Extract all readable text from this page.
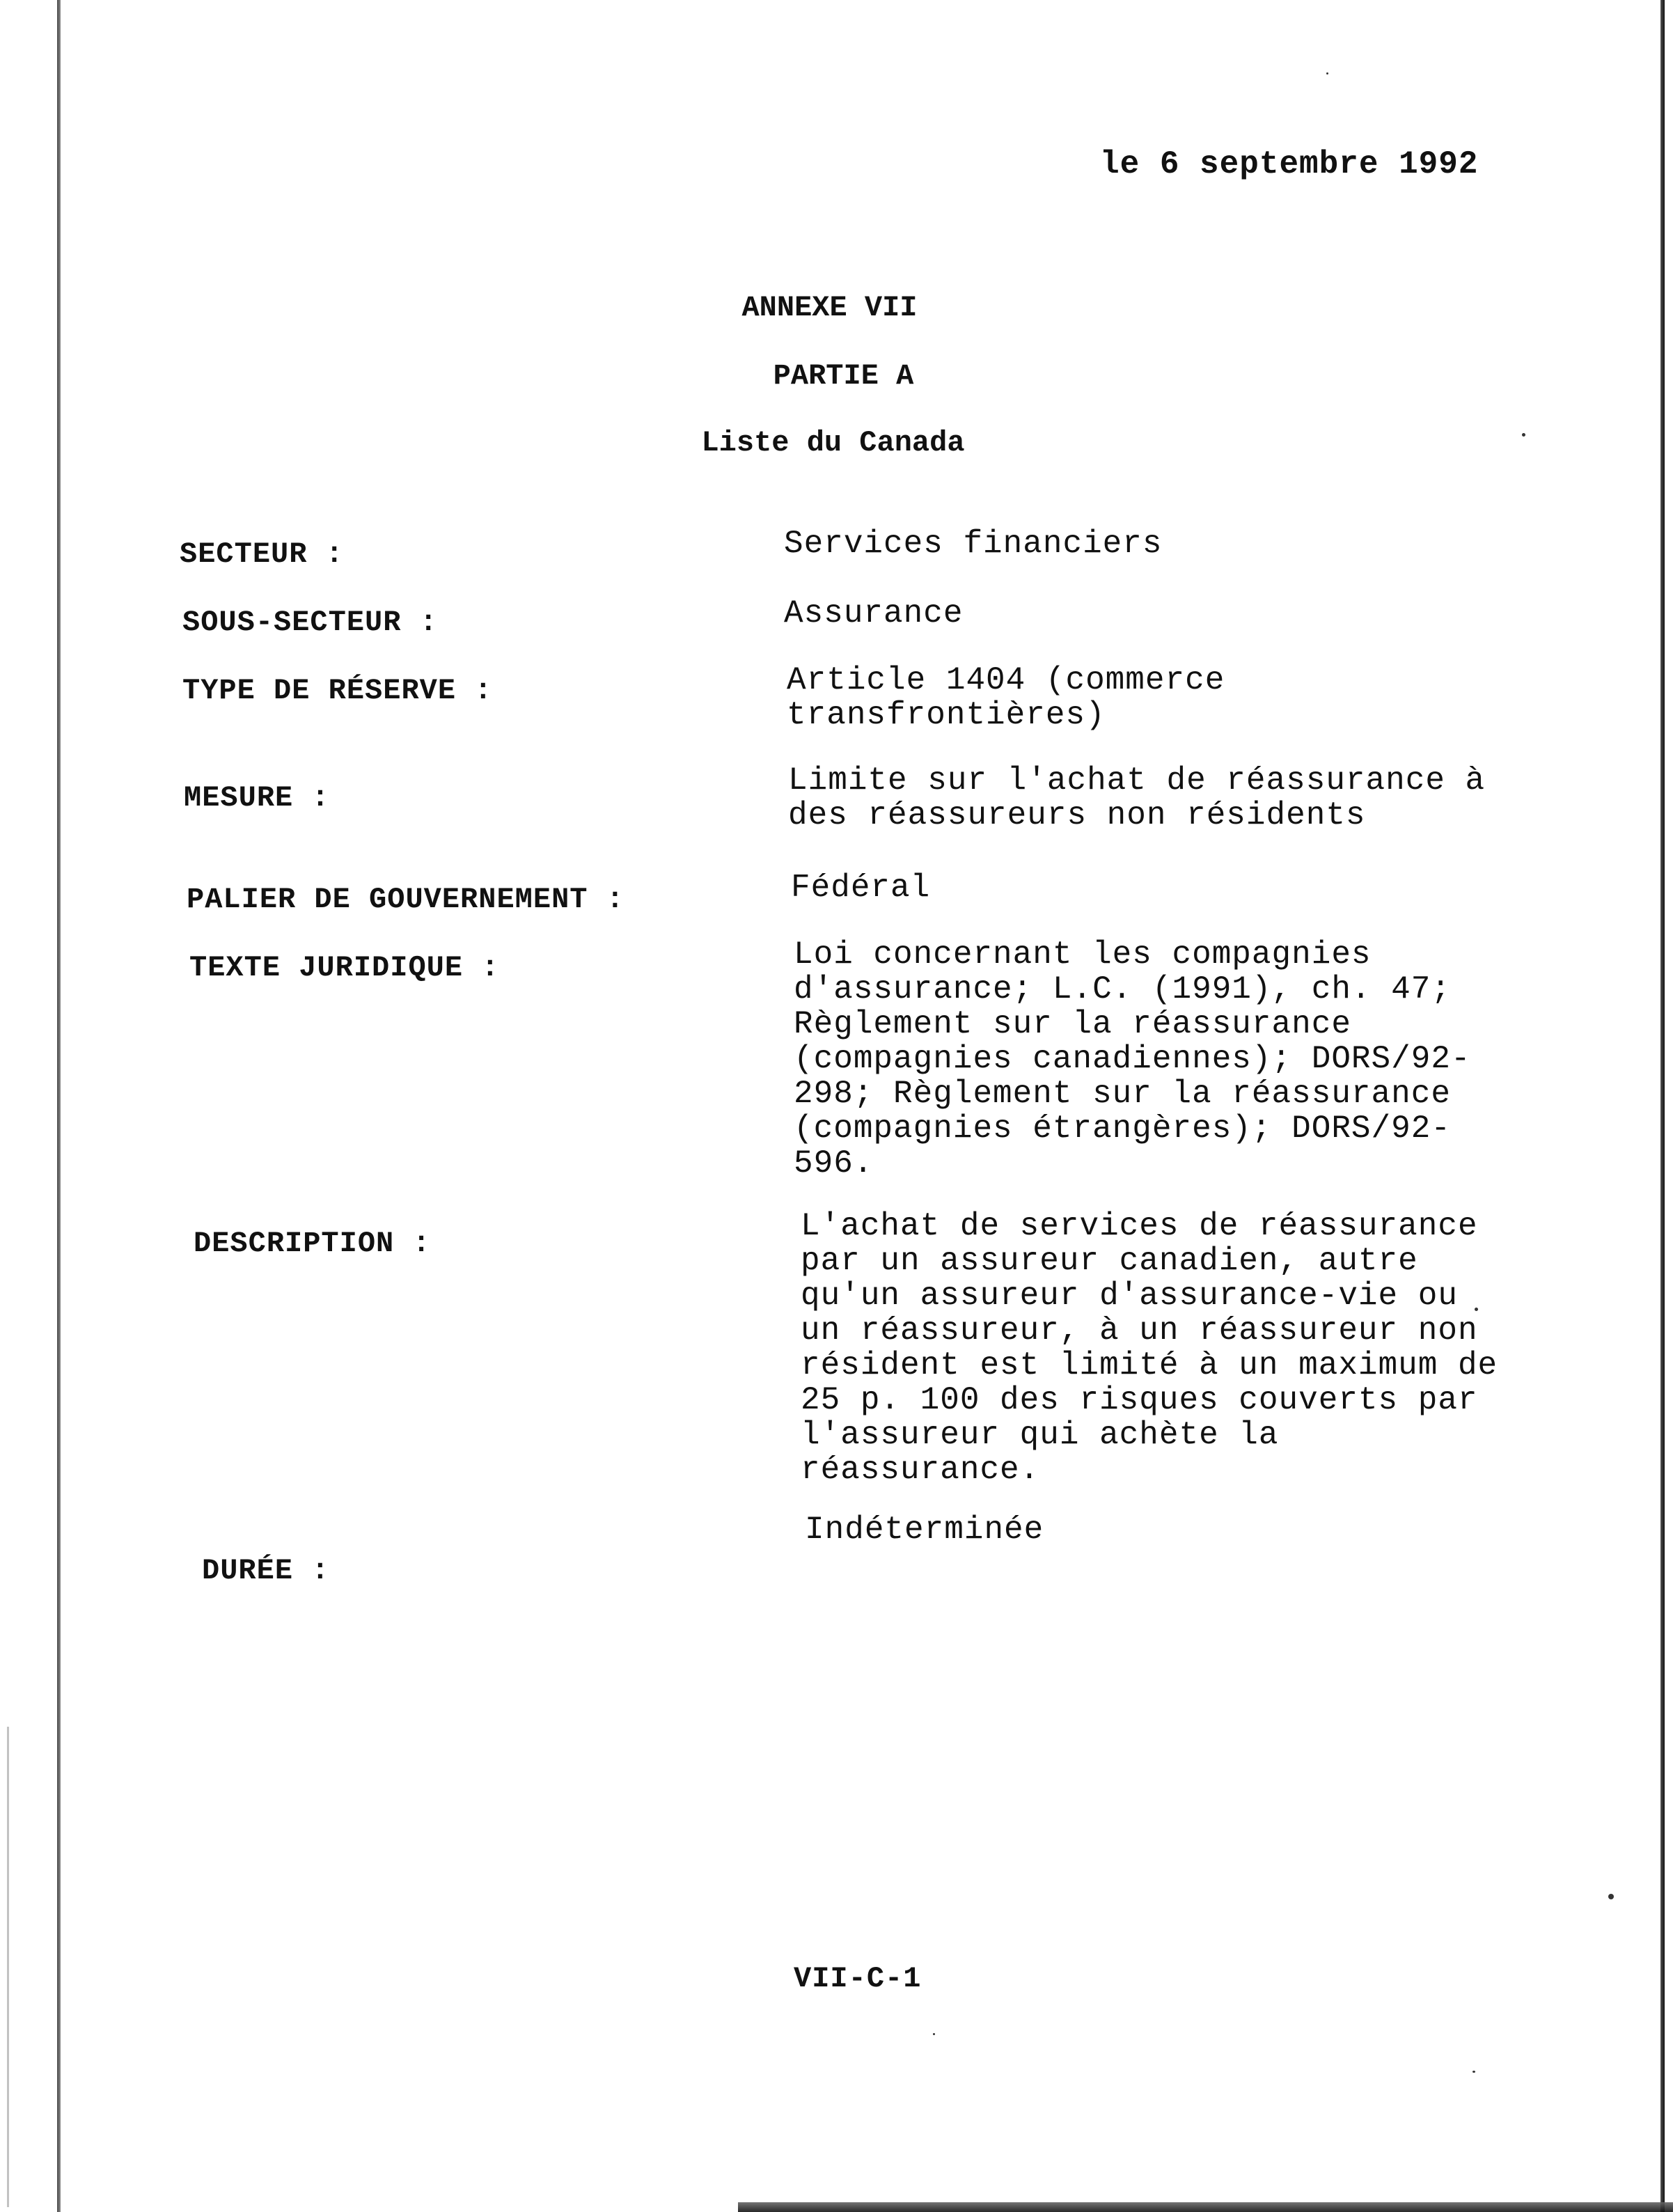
le 6 septembre 1992
ANNEXE VII
PARTIE A
Liste du Canada
SECTEUR :	Services financiers
SOUS-SECTEUR :	Assurance
TYPE DE RÉSERVE :	Article 1404 (commerce
transfrontières)
MESURE :	Limite sur l'achat de réassurance à
des réassureurs non résidents
PALIER DE GOUVERNEMENT :	Fédéral
TEXTE JURIDIQUE :	Loi concernant les compagnies
d'assurance; L.C. (1991), ch. 47;
Règlement sur la réassurance
(compagnies canadiennes); DORS/92-
298; Règlement sur la réassurance
(compagnies étrangères); DORS/92-
596.
DESCRIPTION :	L'achat de services de réassurance
par un assureur canadien, autre
qu'un assureur d'assurance-vie ou
un réassureur, à un réassureur non
résident est limité à un maximum de
25 p. 100 des risques couverts par
l'assureur qui achète la
réassurance.
DURÉE :
Indéterminée
VII-C-1
